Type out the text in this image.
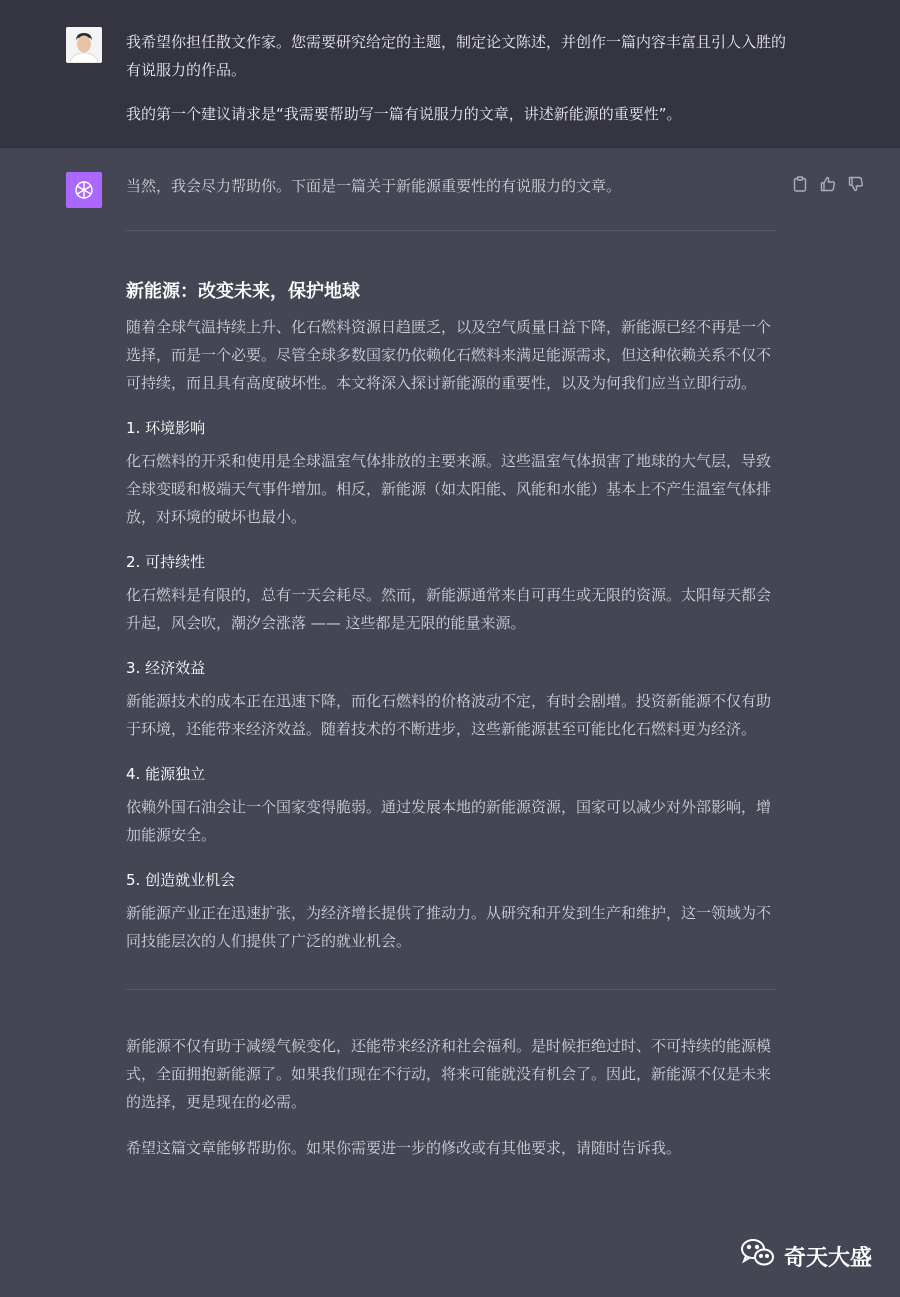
我希望你担任散文作家。您需要研究给定的主题，制定论文陈述，并创作一篇内容丰富且引人入胜的有说服力的作品。

我的第一个建议请求是“我需要帮助写一篇有说服力的文章，讲述新能源的重要性”。

当然，我会尽力帮助你。下面是一篇关于新能源重要性的有说服力的文章。

新能源：改变未来，保护地球

随着全球气温持续上升、化石燃料资源日趋匮乏，以及空气质量日益下降，新能源已经不再是一个选择，而是一个必要。尽管全球多数国家仍依赖化石燃料来满足能源需求，但这种依赖关系不仅不可持续，而且具有高度破坏性。本文将深入探讨新能源的重要性，以及为何我们应当立即行动。

1. 环境影响

化石燃料的开采和使用是全球温室气体排放的主要来源。这些温室气体损害了地球的大气层，导致全球变暖和极端天气事件增加。相反，新能源（如太阳能、风能和水能）基本上不产生温室气体排放，对环境的破坏也最小。

2. 可持续性

化石燃料是有限的，总有一天会耗尽。然而，新能源通常来自可再生或无限的资源。太阳每天都会升起，风会吹，潮汐会涨落 —— 这些都是无限的能量来源。

3. 经济效益

新能源技术的成本正在迅速下降，而化石燃料的价格波动不定，有时会剧增。投资新能源不仅有助于环境，还能带来经济效益。随着技术的不断进步，这些新能源甚至可能比化石燃料更为经济。

4. 能源独立

依赖外国石油会让一个国家变得脆弱。通过发展本地的新能源资源，国家可以减少对外部影响，增加能源安全。

5. 创造就业机会

新能源产业正在迅速扩张，为经济增长提供了推动力。从研究和开发到生产和维护，这一领域为不同技能层次的人们提供了广泛的就业机会。

新能源不仅有助于减缓气候变化，还能带来经济和社会福利。是时候拒绝过时、不可持续的能源模式，全面拥抱新能源了。如果我们现在不行动，将来可能就没有机会了。因此，新能源不仅是未来的选择，更是现在的必需。

希望这篇文章能够帮助你。如果你需要进一步的修改或有其他要求，请随时告诉我。

奇天大盛
